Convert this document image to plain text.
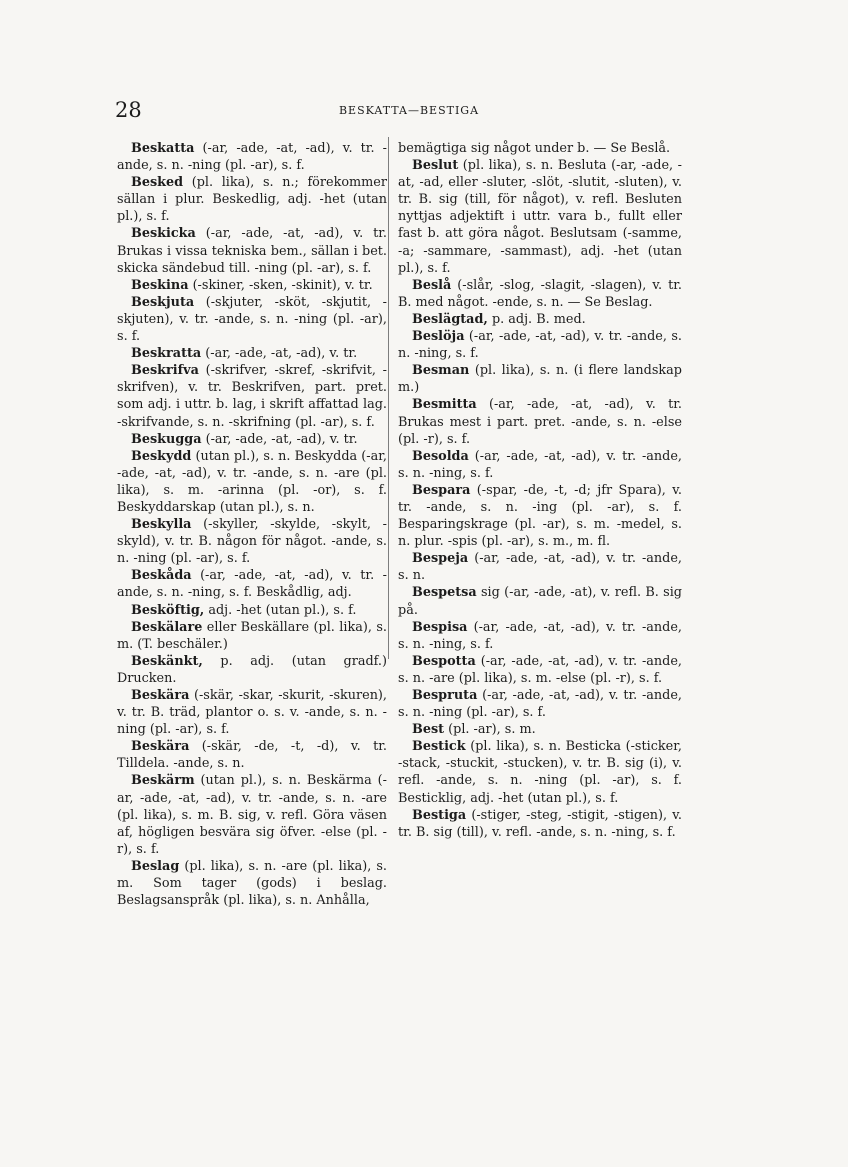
28	BESKATTA—BESTIGA

Beskatta (-ar, -ade, -at, -ad), v. tr. -ande, s. n. -ning (pl. -ar), s. f.

Besked (pl. lika), s. n.; förekommer sällan i plur. Beskedlig, adj. -het (utan pl.), s. f.

Beskicka (-ar, -ade, -at, -ad), v. tr. Brukas i vissa tekniska bem., sällan i bet. skicka sändebud till. -ning (pl. -ar), s. f.

Beskina (-skiner, -sken, -skinit), v. tr.

Beskjuta (-skjuter, -sköt, -skjutit, -skjuten), v. tr. -ande, s. n. -ning (pl. -ar), s. f.

Beskratta (-ar, -ade, -at, -ad), v. tr.

Beskrifva (-skrifver, -skref, -skrifvit, -skrifven), v. tr. Beskrifven, part. pret. som adj. i uttr. b. lag, i skrift affattad lag. -skrifvande, s. n. -skrifning (pl. -ar), s. f.

Beskugga (-ar, -ade, -at, -ad), v. tr.

Beskydd (utan pl.), s. n. Beskydda (-ar, -ade, -at, -ad), v. tr. -ande, s. n. -are (pl. lika), s. m. -arinna (pl. -or), s. f. Beskyddarskap (utan pl.), s. n.

Beskylla (-skyller, -skylde, -skylt, -skyld), v. tr. B. någon för något. -ande, s. n. -ning (pl. -ar), s. f.

Beskåda (-ar, -ade, -at, -ad), v. tr. -ande, s. n. -ning, s. f. Beskådlig, adj.

Besköftig, adj. -het (utan pl.), s. f.

Beskälare eller Beskällare (pl. lika), s. m. (T. beschäler.)

Beskänkt, p. adj. (utan gradf.) Drucken.

Beskära (-skär, -skar, -skurit, -skuren), v. tr. B. träd, plantor o. s. v. -ande, s. n. -ning (pl. -ar), s. f.

Beskära (-skär, -de, -t, -d), v. tr. Tilldela. -ande, s. n.

Beskärm (utan pl.), s. n. Beskärma (-ar, -ade, -at, -ad), v. tr. -ande, s. n. -are (pl. lika), s. m. B. sig, v. refl. Göra väsen af, högligen besvära sig öfver. -else (pl. -r), s. f.

Beslag (pl. lika), s. n. -are (pl. lika), s. m. Som tager (gods) i beslag. Beslagsanspråk (pl. lika), s. n. Anhålla,

bemägtiga sig något under b. — Se Beslå.

Beslut (pl. lika), s. n. Besluta (-ar, -ade, -at, -ad, eller -sluter, -slöt, -slutit, -sluten), v. tr. B. sig (till, för något), v. refl. Besluten nyttjas adjektift i uttr. vara b., fullt eller fast b. att göra något. Beslutsam (-samme, -a; -sammare, -sammast), adj. -het (utan pl.), s. f.

Beslå (-slår, -slog, -slagit, -slagen), v. tr. B. med något. -ende, s. n. — Se Beslag.

Beslägtad, p. adj. B. med.

Beslöja (-ar, -ade, -at, -ad), v. tr. -ande, s. n. -ning, s. f.

Besman (pl. lika), s. n. (i flere landskap m.)

Besmitta (-ar, -ade, -at, -ad), v. tr. Brukas mest i part. pret. -ande, s. n. -else (pl. -r), s. f.

Besolda (-ar, -ade, -at, -ad), v. tr. -ande, s. n. -ning, s. f.

Bespara (-spar, -de, -t, -d; jfr Spara), v. tr. -ande, s. n. -ing (pl. -ar), s. f. Besparingskrage (pl. -ar), s. m. -medel, s. n. plur. -spis (pl. -ar), s. m., m. fl.

Bespeja (-ar, -ade, -at, -ad), v. tr. -ande, s. n.

Bespetsa sig (-ar, -ade, -at), v. refl. B. sig på.

Bespisa (-ar, -ade, -at, -ad), v. tr. -ande, s. n. -ning, s. f.

Bespotta (-ar, -ade, -at, -ad), v. tr. -ande, s. n. -are (pl. lika), s. m. -else (pl. -r), s. f.

Bespruta (-ar, -ade, -at, -ad), v. tr. -ande, s. n. -ning (pl. -ar), s. f.

Best (pl. -ar), s. m.

Bestick (pl. lika), s. n. Besticka (-sticker, -stack, -stuckit, -stucken), v. tr. B. sig (i), v. refl. -ande, s. n. -ning (pl. -ar), s. f. Besticklig, adj. -het (utan pl.), s. f.

Bestiga (-stiger, -steg, -stigit, -stigen), v. tr. B. sig (till), v. refl. -ande, s. n. -ning, s. f.
